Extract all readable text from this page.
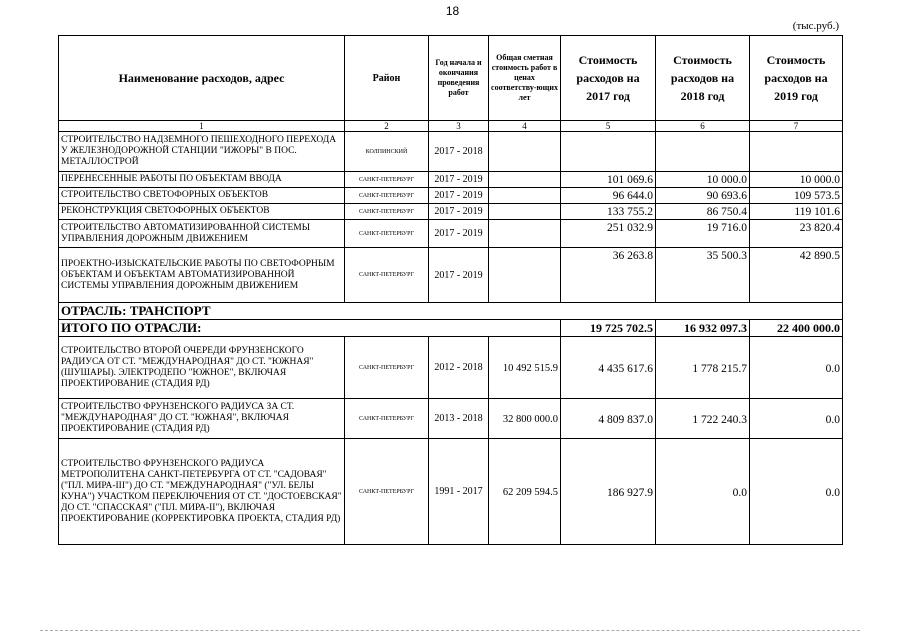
18
(тыс.руб.)
Наименование расходов, адрес	Район	Год начала и окончания проведения работ	Общая сметная стоимость работ в ценах соответству-ющих лет	Стоимость расходов на 2017 год	Стоимость расходов на 2018 год	Стоимость расходов на 2019 год
1	2	3	4	5	6	7
СТРОИТЕЛЬСТВО НАДЗЕМНОГО ПЕШЕХОДНОГО ПЕРЕХОДА У ЖЕЛЕЗНОДОРОЖНОЙ СТАНЦИИ "ИЖОРЫ" В ПОС. МЕТАЛЛОСТРОЙ	КОЛПИНСКИЙ	2017 - 2018				
ПЕРЕНЕСЕННЫЕ РАБОТЫ ПО ОБЪЕКТАМ ВВОДА	САНКТ-ПЕТЕРБУРГ	2017 - 2019		101 069.6	10 000.0	10 000.0
СТРОИТЕЛЬСТВО СВЕТОФОРНЫХ ОБЪЕКТОВ	САНКТ-ПЕТЕРБУРГ	2017 - 2019		96 644.0	90 693.6	109 573.5
РЕКОНСТРУКЦИЯ СВЕТОФОРНЫХ ОБЪЕКТОВ	САНКТ-ПЕТЕРБУРГ	2017 - 2019		133 755.2	86 750.4	119 101.6
СТРОИТЕЛЬСТВО АВТОМАТИЗИРОВАННОЙ СИСТЕМЫ УПРАВЛЕНИЯ ДОРОЖНЫМ ДВИЖЕНИЕМ	САНКТ-ПЕТЕРБУРГ	2017 - 2019		251 032.9	19 716.0	23 820.4
ПРОЕКТНО-ИЗЫСКАТЕЛЬСКИЕ РАБОТЫ ПО СВЕТОФОРНЫМ ОБЪЕКТАМ И ОБЪЕКТАМ АВТОМАТИЗИРОВАННОЙ СИСТЕМЫ УПРАВЛЕНИЯ ДОРОЖНЫМ ДВИЖЕНИЕМ	САНКТ-ПЕТЕРБУРГ	2017 - 2019		36 263.8	35 500.3	42 890.5
ОТРАСЛЬ: ТРАНСПОРТ						
ИТОГО ПО ОТРАСЛИ:				19 725 702.5	16 932 097.3	22 400 000.0
СТРОИТЕЛЬСТВО ВТОРОЙ ОЧЕРЕДИ ФРУНЗЕНСКОГО РАДИУСА ОТ СТ. "МЕЖДУНАРОДНАЯ" ДО СТ. "ЮЖНАЯ" (ШУШАРЫ). ЭЛЕКТРОДЕПО "ЮЖНОЕ", ВКЛЮЧАЯ ПРОЕКТИРОВАНИЕ (СТАДИЯ РД)	САНКТ-ПЕТЕРБУРГ	2012 - 2018	10 492 515.9	4 435 617.6	1 778 215.7	0.0
СТРОИТЕЛЬСТВО ФРУНЗЕНСКОГО РАДИУСА ЗА СТ. "МЕЖДУНАРОДНАЯ" ДО СТ. "ЮЖНАЯ", ВКЛЮЧАЯ ПРОЕКТИРОВАНИЕ (СТАДИЯ РД)	САНКТ-ПЕТЕРБУРГ	2013 - 2018	32 800 000.0	4 809 837.0	1 722 240.3	0.0
СТРОИТЕЛЬСТВО ФРУНЗЕНСКОГО РАДИУСА МЕТРОПОЛИТЕНА САНКТ-ПЕТЕРБУРГА ОТ СТ. "САДОВАЯ" ("ПЛ. МИРА-III") ДО СТ. "МЕЖДУНАРОДНАЯ" ("УЛ. БЕЛЫ КУНА") УЧАСТКОМ ПЕРЕКЛЮЧЕНИЯ ОТ СТ. "ДОСТОЕВСКАЯ" ДО СТ. "СПАССКАЯ" ("ПЛ. МИРА-II"), ВКЛЮЧАЯ ПРОЕКТИРОВАНИЕ (КОРРЕКТИРОВКА ПРОЕКТА, СТАДИЯ РД)	САНКТ-ПЕТЕРБУРГ	1991 - 2017	62 209 594.5	186 927.9	0.0	0.0
